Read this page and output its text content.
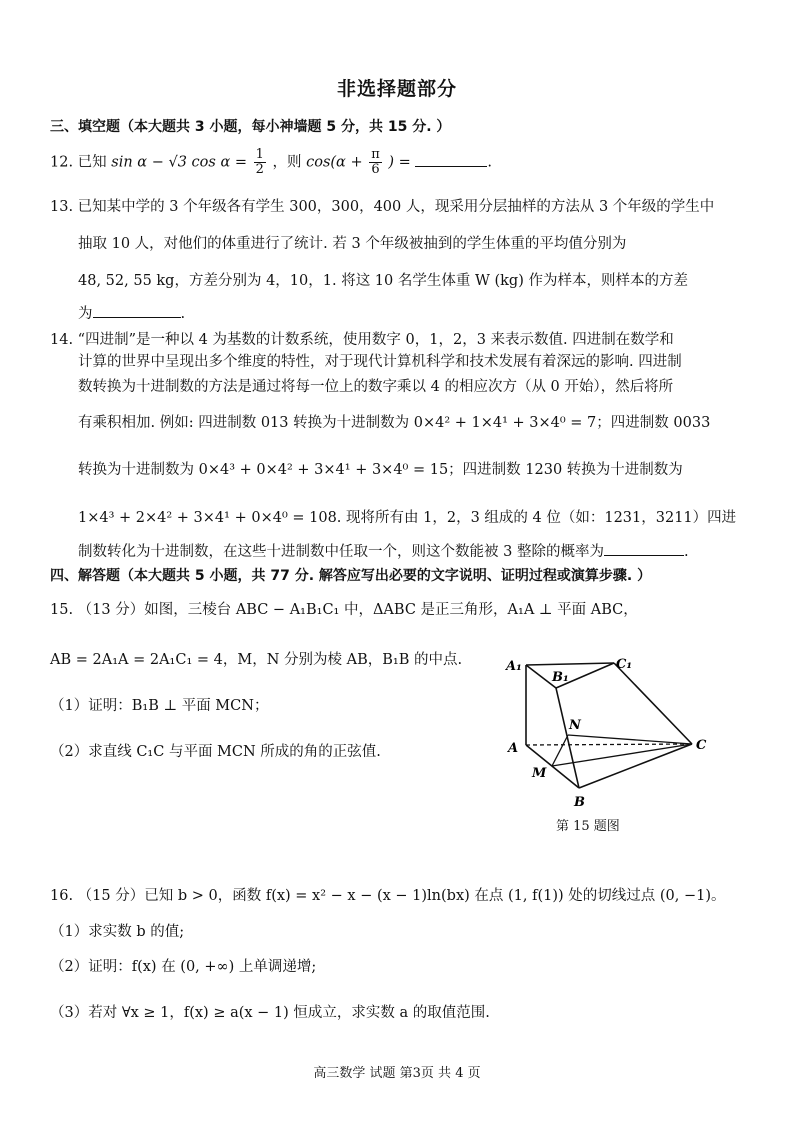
非选择题部分
三、填空题（本大题共 3 小题，每小神墙题 5 分，共 15 分. ）
12. 已知 sin α − √3 $\cos \alpha = \frac{1}{2}$ ，则 $\cos(\alpha + \frac{\pi}{6}$ ) =	.
13. 已知某中学的 3 个年级各有学生 300，300，400 人，现采用分层抽样的方法从 3 个年级的学生中
抽取 10 人，对他们的体重进行了统计. 若 3 个年级被抽到的学生体重的平均值分别为
48, 52, 55 kg，方差分别为 4，10，1. 将这 10 名学生体重 W (kg) 作为样本，则样本的方差
为	.
14. “四进制”是一种以 4 为基数的计数系统，使用数字 0，1，2，3 来表示数值. 四进制在数学和
计算的世界中呈现出多个维度的特性，对于现代计算机科学和技术发展有着深远的影响. 四进制
数转换为十进制数的方法是通过将每一位上的数字乘以 4 的相应次方（从 0 开始），然后将所
有乘积相加. 例如: 四进制数 013 转换为十进制数为 0×4² + 1×4¹ + 3×4⁰ = 7；四进制数 0033
转换为十进制数为 0×4³ + 0×4² + 3×4¹ + 3×4⁰ = 15；四进制数 1230 转换为十进制数为
1×4³ + 2×4² + 3×4¹ + 0×4⁰ = 108. 现将所有由 1，2，3 组成的 4 位（如：1231，3211）四进
制数转化为十进制数，在这些十进制数中任取一个，则这个数能被 3 整除的概率为	.
四、解答题（本大题共 5 小题，共 77 分. 解答应写出必要的文字说明、证明过程或演算步骤. ）
15. （13 分）如图，三棱台 ABC − A₁B₁C₁ 中，ΔABC 是正三角形，A₁A ⊥ 平面 ABC，
AB = 2A₁A = 2A₁C₁ = 4，M，N 分别为棱 AB，B₁B 的中点.
（1）证明：B₁B ⊥ 平面 MCN；
（2）求直线 C₁C 与平面 MCN 所成的角的正弦值.
A₁
B₁
C₁
A
N
C
M
B
第 15 题图
16. （15 分）已知 b > 0，函数 f(x) = x² − x − (x − 1)ln(bx) 在点 (1, f(1)) 处的切线过点 (0, −1)。
（1）求实数 b 的值;
（2）证明：f(x) 在 (0, +∞) 上单调递增;
（3）若对 ∀x ≥ 1，f(x) ≥ a(x − 1) 恒成立，求实数 a 的取值范围.
高三数学 试题 第3页 共 4 页
